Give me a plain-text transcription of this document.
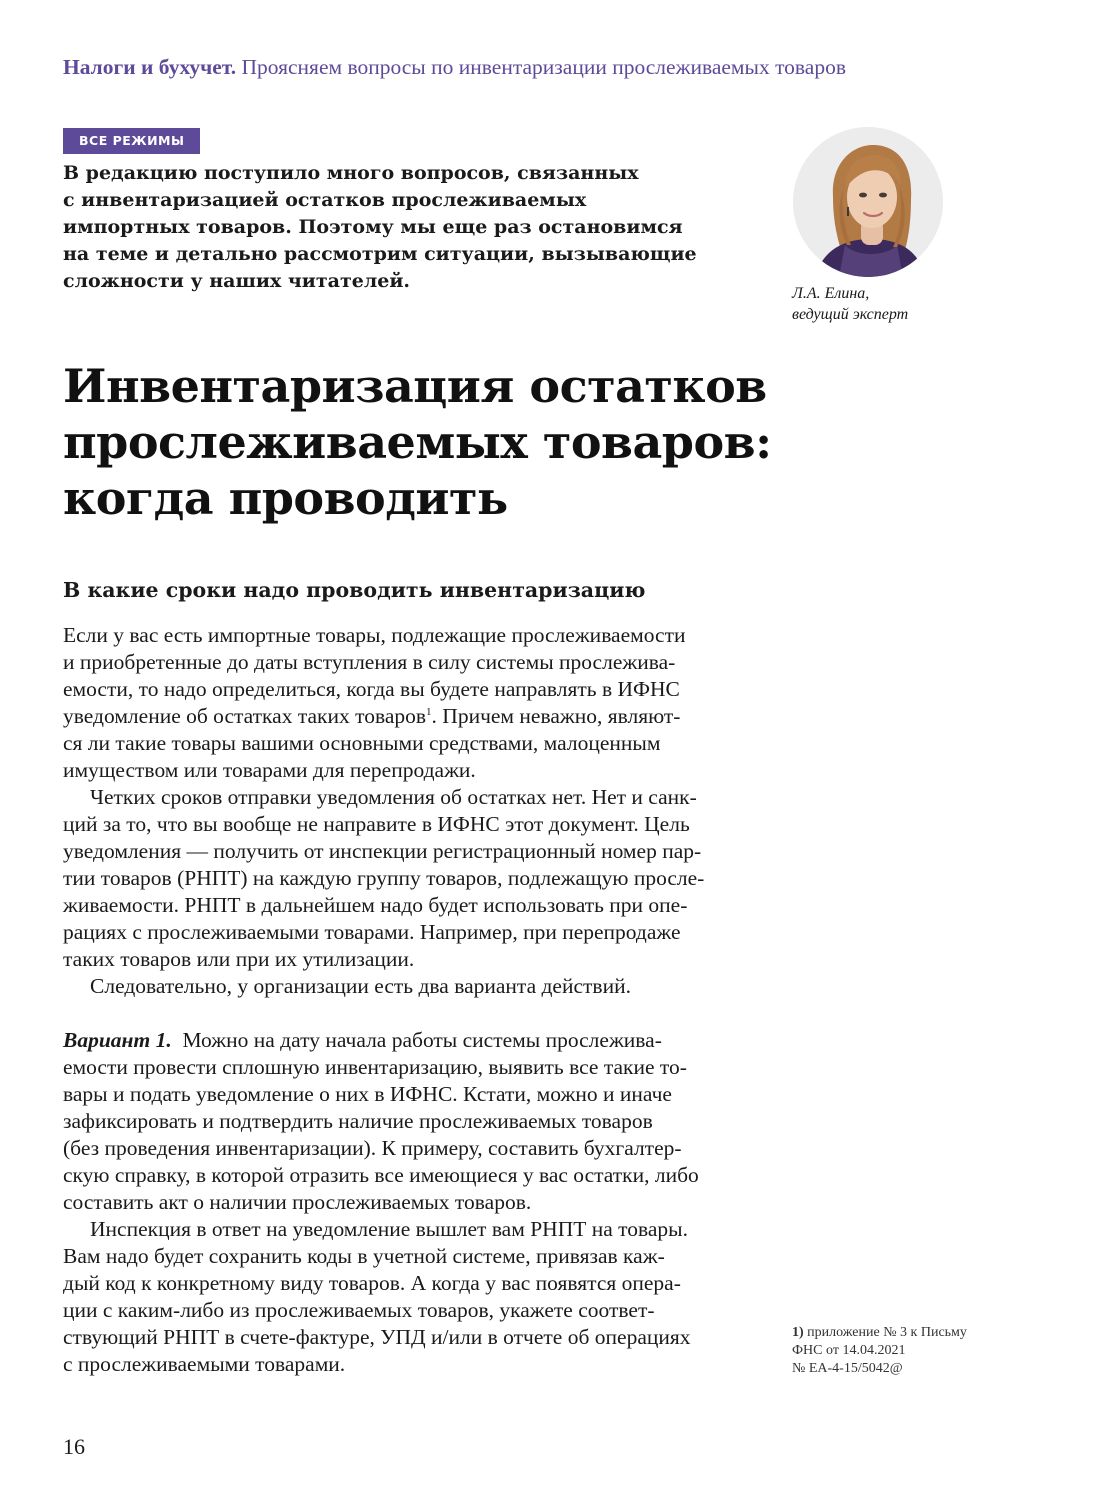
Налоги и бухучет. Проясняем вопросы по инвентаризации прослеживаемых товаров
ВСЕ РЕЖИМЫ

В редакцию поступило много вопросов, связанных

с инвентаризацией остатков прослеживаемых

импортных товаров. Поэтому мы еще раз остановимся

на теме и детально рассмотрим ситуации, вызывающие

сложности у наших читателей.

Л.А. Елина,
ведущий эксперт
Инвентаризация остатков
прослеживаемых товаров:
когда проводить
В какие сроки надо проводить инвентаризацию
Если у вас есть импортные товары, подлежащие прослеживаемости
и приобретенные до даты вступления в силу системы прослежива-
емости, то надо определиться, когда вы будете направлять в ИФНС
уведомление об остатках таких товаров$^1$. Причем неважно, являют-
ся ли такие товары вашими основными средствами, малоценным
имуществом или товарами для перепродажи.
Четких сроков отправки уведомления об остатках нет. Нет и санк-
ций за то, что вы вообще не направите в ИФНС этот документ. Цель
уведомления — получить от инспекции регистрационный номер пар-
тии товаров (РНПТ) на каждую группу товаров, подлежащую просле-
живаемости. РНПТ в дальнейшем надо будет использовать при опе-
рациях с прослеживаемыми товарами. Например, при перепродаже
таких товаров или при их утилизации.
Следовательно, у организации есть два варианта действий.
Вариант 1. Можно на дату начала работы системы прослежива-
емости провести сплошную инвентаризацию, выявить все такие то-
вары и подать уведомление о них в ИФНС. Кстати, можно и иначе
зафиксировать и подтвердить наличие прослеживаемых товаров
(без проведения инвентаризации). К примеру, составить бухгалтер-
скую справку, в которой отразить все имеющиеся у вас остатки, либо
составить акт о наличии прослеживаемых товаров.
Инспекция в ответ на уведомление вышлет вам РНПТ на товары.
Вам надо будет сохранить коды в учетной системе, привязав каж-
дый код к конкретному виду товаров. А когда у вас появятся опера-
ции с каким-либо из прослеживаемых товаров, укажете соответ-
ствующий РНПТ в счете-фактуре, УПД и/или в отчете об операциях
с прослеживаемыми товарами.
1) приложение № 3 к Письму
ФНС от 14.04.2021
№ ЕА-4-15/5042@
16
